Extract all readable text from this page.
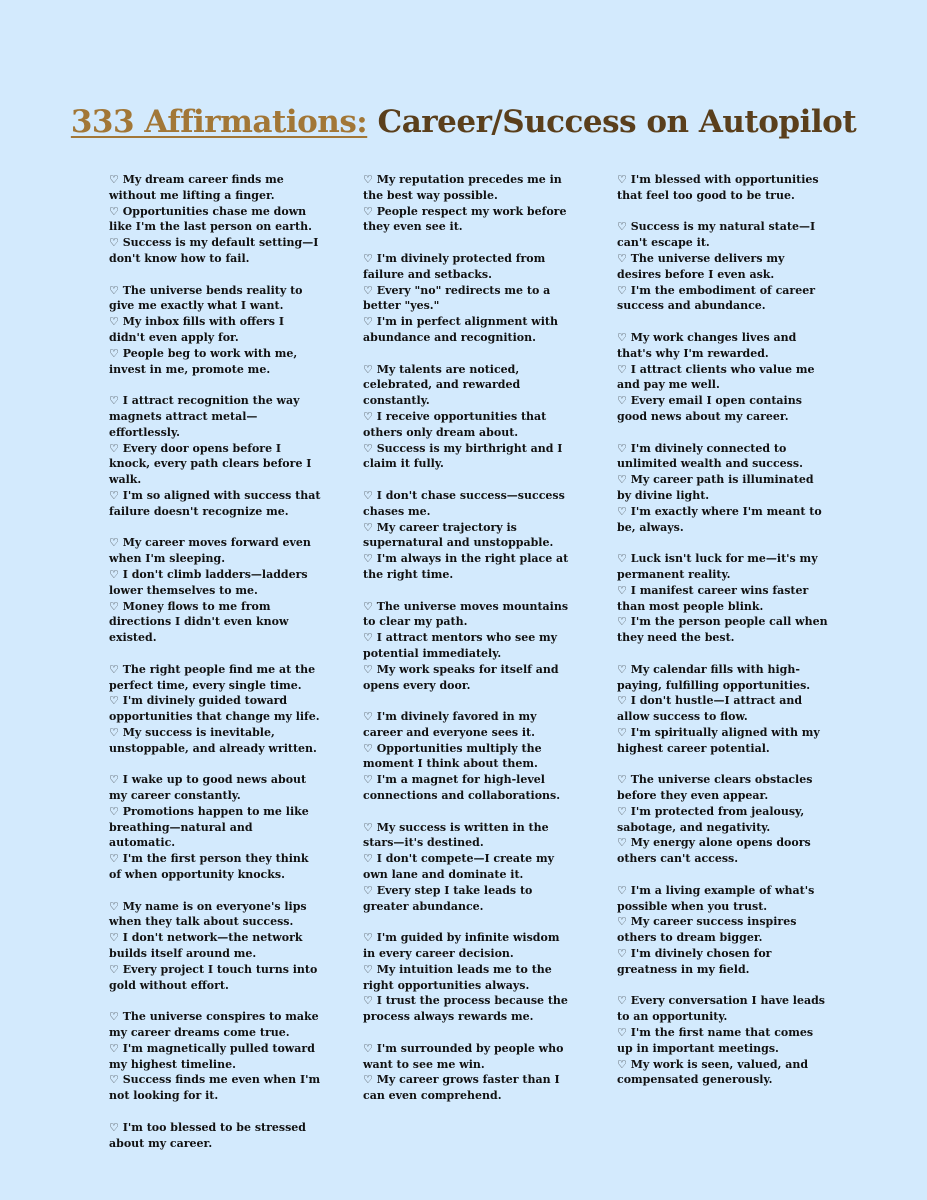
333 Affirmations: Career/Success on Autopilot
♡ My dream career finds me without me lifting a finger.
♡ Opportunities chase me down like I'm the last person on earth.
♡ Success is my default setting—I don't know how to fail.
♡ The universe bends reality to give me exactly what I want.
♡ My inbox fills with offers I didn't even apply for.
♡ People beg to work with me, invest in me, promote me.
♡ I attract recognition the way magnets attract metal—effortlessly.
♡ Every door opens before I knock, every path clears before I walk.
♡ I'm so aligned with success that failure doesn't recognize me.
♡ My career moves forward even when I'm sleeping.
♡ I don't climb ladders—ladders lower themselves to me.
♡ Money flows to me from directions I didn't even know existed.
♡ The right people find me at the perfect time, every single time.
♡ I'm divinely guided toward opportunities that change my life.
♡ My success is inevitable, unstoppable, and already written.
♡ I wake up to good news about my career constantly.
♡ Promotions happen to me like breathing—natural and automatic.
♡ I'm the first person they think of when opportunity knocks.
♡ My name is on everyone's lips when they talk about success.
♡ I don't network—the network builds itself around me.
♡ Every project I touch turns into gold without effort.
♡ The universe conspires to make my career dreams come true.
♡ I'm magnetically pulled toward my highest timeline.
♡ Success finds me even when I'm not looking for it.
♡ I'm too blessed to be stressed about my career.
♡ My reputation precedes me in the best way possible.
♡ People respect my work before they even see it.
♡ I'm divinely protected from failure and setbacks.
♡ Every "no" redirects me to a better "yes."
♡ I'm in perfect alignment with abundance and recognition.
♡ My talents are noticed, celebrated, and rewarded constantly.
♡ I receive opportunities that others only dream about.
♡ Success is my birthright and I claim it fully.
♡ I don't chase success—success chases me.
♡ My career trajectory is supernatural and unstoppable.
♡ I'm always in the right place at the right time.
♡ The universe moves mountains to clear my path.
♡ I attract mentors who see my potential immediately.
♡ My work speaks for itself and opens every door.
♡ I'm divinely favored in my career and everyone sees it.
♡ Opportunities multiply the moment I think about them.
♡ I'm a magnet for high-level connections and collaborations.
♡ My success is written in the stars—it's destined.
♡ I don't compete—I create my own lane and dominate it.
♡ Every step I take leads to greater abundance.
♡ I'm guided by infinite wisdom in every career decision.
♡ My intuition leads me to the right opportunities always.
♡ I trust the process because the process always rewards me.
♡ I'm surrounded by people who want to see me win.
♡ My career grows faster than I can even comprehend.
♡ I'm blessed with opportunities that feel too good to be true.
♡ Success is my natural state—I can't escape it.
♡ The universe delivers my desires before I even ask.
♡ I'm the embodiment of career success and abundance.
♡ My work changes lives and that's why I'm rewarded.
♡ I attract clients who value me and pay me well.
♡ Every email I open contains good news about my career.
♡ I'm divinely connected to unlimited wealth and success.
♡ My career path is illuminated by divine light.
♡ I'm exactly where I'm meant to be, always.
♡ Luck isn't luck for me—it's my permanent reality.
♡ I manifest career wins faster than most people blink.
♡ I'm the person people call when they need the best.
♡ My calendar fills with high-paying, fulfilling opportunities.
♡ I don't hustle—I attract and allow success to flow.
♡ I'm spiritually aligned with my highest career potential.
♡ The universe clears obstacles before they even appear.
♡ I'm protected from jealousy, sabotage, and negativity.
♡ My energy alone opens doors others can't access.
♡ I'm a living example of what's possible when you trust.
♡ My career success inspires others to dream bigger.
♡ I'm divinely chosen for greatness in my field.
♡ Every conversation I have leads to an opportunity.
♡ I'm the first name that comes up in important meetings.
♡ My work is seen, valued, and compensated generously.
